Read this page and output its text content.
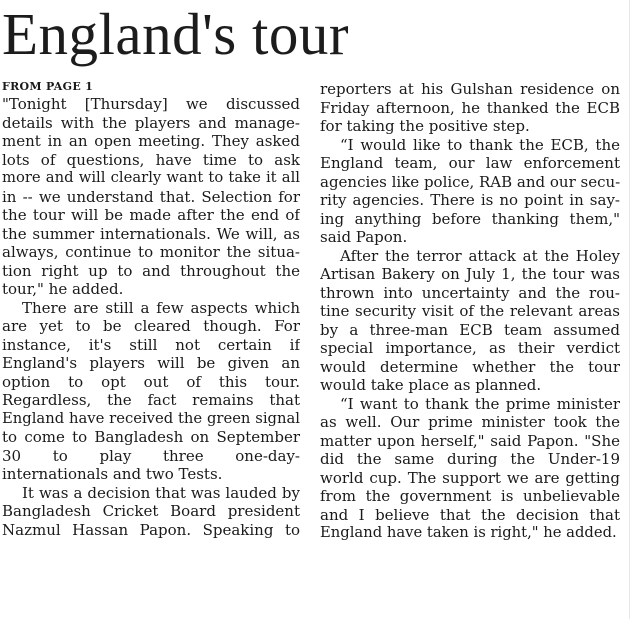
England's tour
FROM PAGE 1
"Tonight [Thursday] we discussed
details with the players and manage-
ment in an open meeting. They asked
lots of questions, have time to ask
more and will clearly want to take it all
in -- we understand that. Selection for
the tour will be made after the end of
the summer internationals. We will, as
always, continue to monitor the situa-
tion right up to and throughout the
tour," he added.
There are still a few aspects which
are yet to be cleared though. For
instance, it's still not certain if
England's players will be given an
option to opt out of this tour.
Regardless, the fact remains that
England have received the green signal
to come to Bangladesh on September
30 to play three one-day-
internationals and two Tests.
It was a decision that was lauded by
Bangladesh Cricket Board president
Nazmul Hassan Papon. Speaking to
reporters at his Gulshan residence on
Friday afternoon, he thanked the ECB
for taking the positive step.
“I would like to thank the ECB, the
England team, our law enforcement
agencies like police, RAB and our secu-
rity agencies. There is no point in say-
ing anything before thanking them,"
said Papon.
After the terror attack at the Holey
Artisan Bakery on July 1, the tour was
thrown into uncertainty and the rou-
tine security visit of the relevant areas
by a three-man ECB team assumed
special importance, as their verdict
would determine whether the tour
would take place as planned.
“I want to thank the prime minister
as well. Our prime minister took the
matter upon herself," said Papon. "She
did the same during the Under-19
world cup. The support we are getting
from the government is unbelievable
and I believe that the decision that
England have taken is right," he added.
